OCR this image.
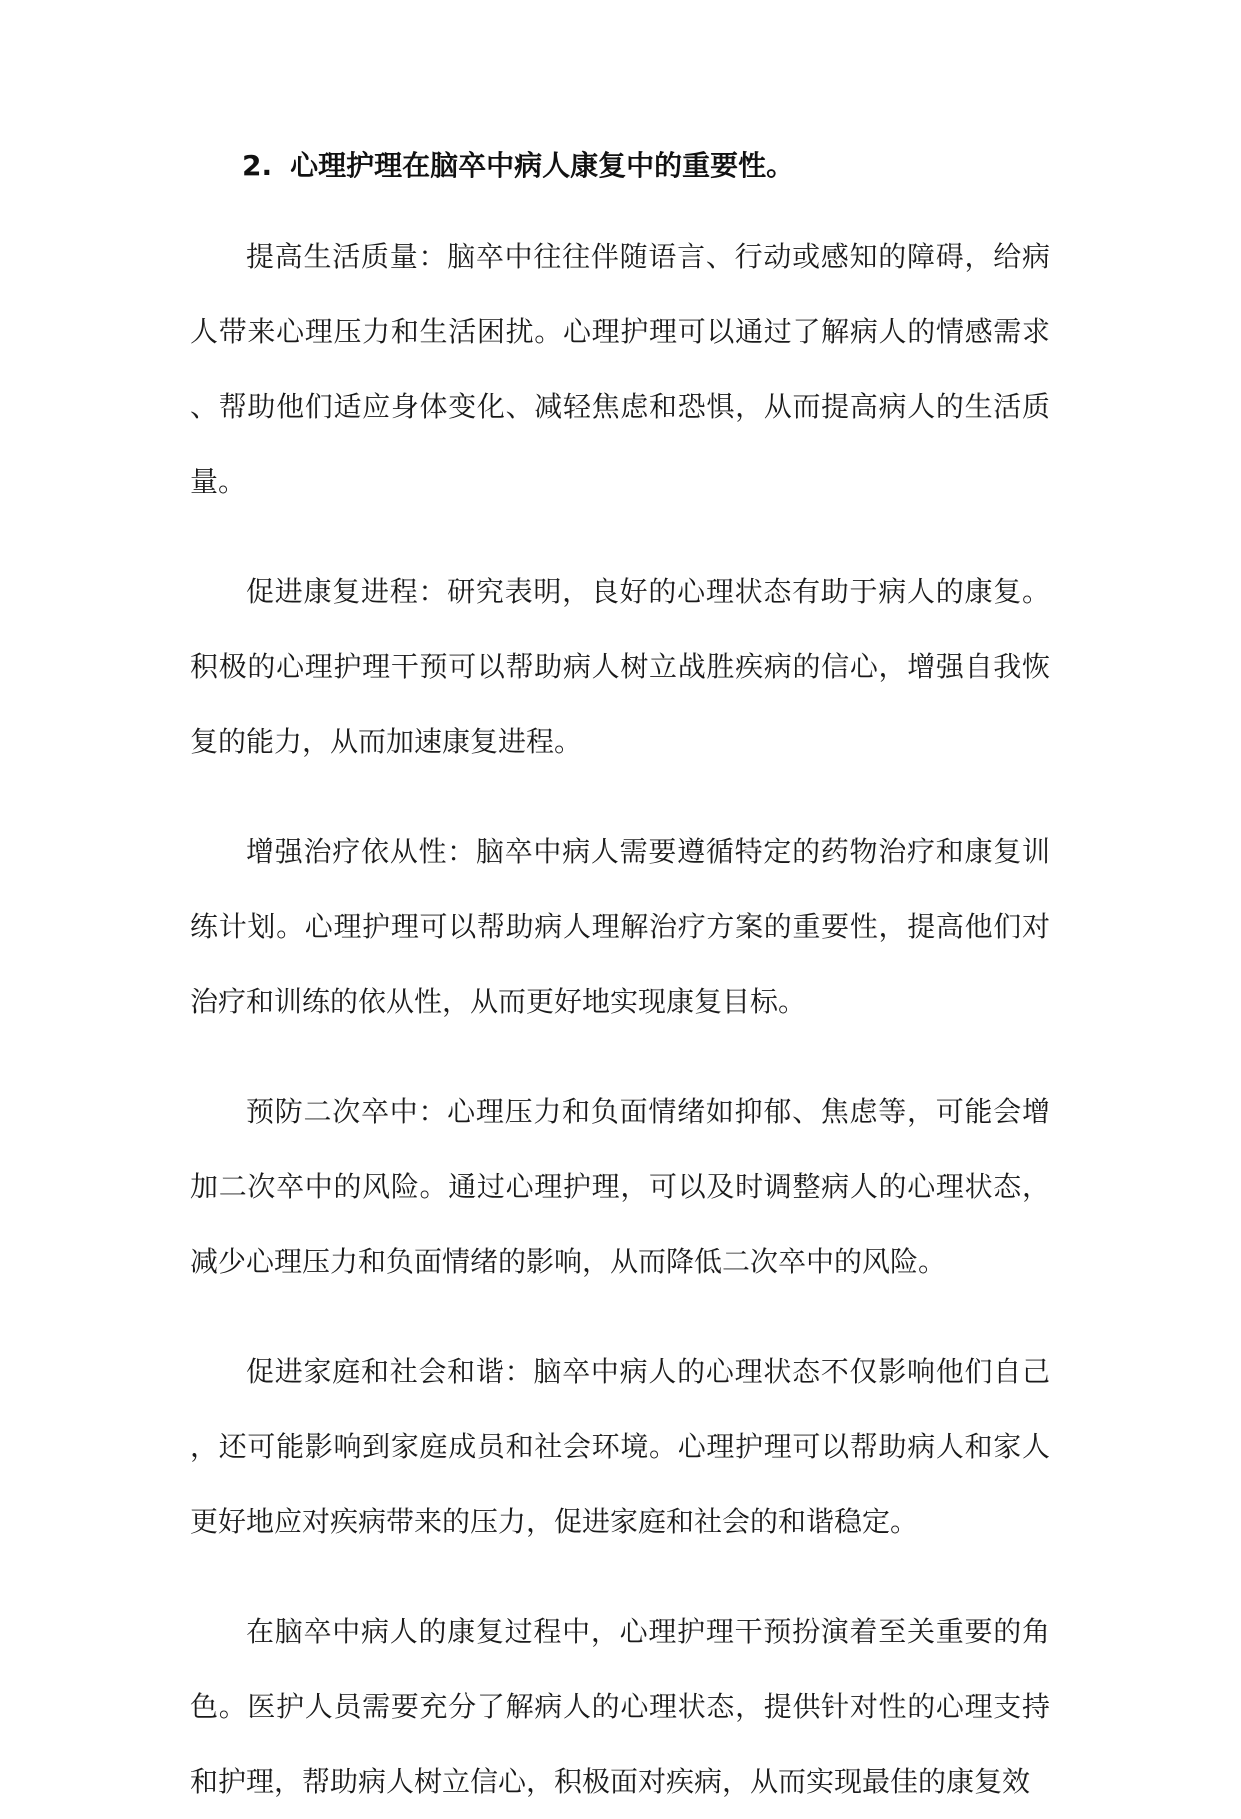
2. 心理护理在脑卒中病人康复中的重要性。

提高生活质量：脑卒中往往伴随语言、行动或感知的障碍，给病人带来心理压力和生活困扰。心理护理可以通过了解病人的情感需求、帮助他们适应身体变化、减轻焦虑和恐惧，从而提高病人的生活质量。

促进康复进程：研究表明，良好的心理状态有助于病人的康复。积极的心理护理干预可以帮助病人树立战胜疾病的信心，增强自我恢复的能力，从而加速康复进程。

增强治疗依从性：脑卒中病人需要遵循特定的药物治疗和康复训练计划。心理护理可以帮助病人理解治疗方案的重要性，提高他们对治疗和训练的依从性，从而更好地实现康复目标。

预防二次卒中：心理压力和负面情绪如抑郁、焦虑等，可能会增加二次卒中的风险。通过心理护理，可以及时调整病人的心理状态，减少心理压力和负面情绪的影响，从而降低二次卒中的风险。

促进家庭和社会和谐：脑卒中病人的心理状态不仅影响他们自己，还可能影响到家庭成员和社会环境。心理护理可以帮助病人和家人更好地应对疾病带来的压力，促进家庭和社会的和谐稳定。

在脑卒中病人的康复过程中，心理护理干预扮演着至关重要的角色。医护人员需要充分了解病人的心理状态，提供针对性的心理支持和护理，帮助病人树立信心，积极面对疾病，从而实现最佳的康复效
